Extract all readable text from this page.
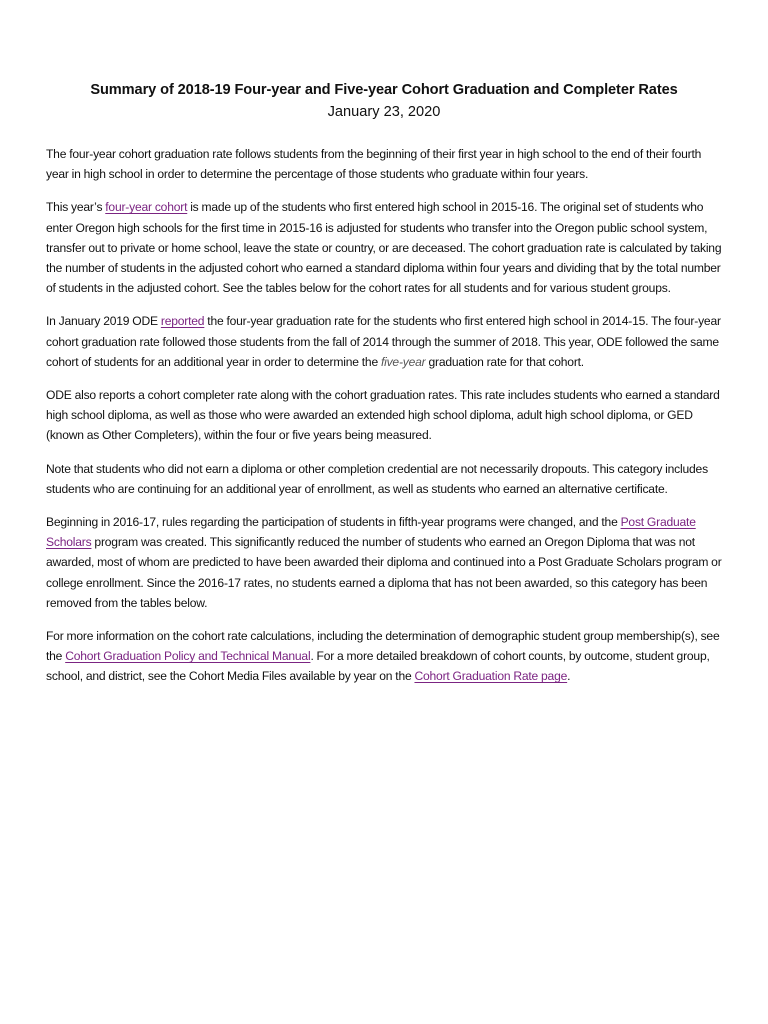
Summary of 2018-19 Four-year and Five-year Cohort Graduation and Completer Rates
January 23, 2020

The four-year cohort graduation rate follows students from the beginning of their first year in high school to the end of their fourth year in high school in order to determine the percentage of those students who graduate within four years.

This year’s four-year cohort is made up of the students who first entered high school in 2015-16. The original set of students who enter Oregon high schools for the first time in 2015-16 is adjusted for students who transfer into the Oregon public school system, transfer out to private or home school, leave the state or country, or are deceased. The cohort graduation rate is calculated by taking the number of students in the adjusted cohort who earned a standard diploma within four years and dividing that by the total number of students in the adjusted cohort. See the tables below for the cohort rates for all students and for various student groups.

In January 2019 ODE reported the four-year graduation rate for the students who first entered high school in 2014-15. The four-year cohort graduation rate followed those students from the fall of 2014 through the summer of 2018. This year, ODE followed the same cohort of students for an additional year in order to determine the five-year graduation rate for that cohort.

ODE also reports a cohort completer rate along with the cohort graduation rates. This rate includes students who earned a standard high school diploma, as well as those who were awarded an extended high school diploma, adult high school diploma, or GED (known as Other Completers), within the four or five years being measured.

Note that students who did not earn a diploma or other completion credential are not necessarily dropouts. This category includes students who are continuing for an additional year of enrollment, as well as students who earned an alternative certificate.

Beginning in 2016-17, rules regarding the participation of students in fifth-year programs were changed, and the Post Graduate Scholars program was created. This significantly reduced the number of students who earned an Oregon Diploma that was not awarded, most of whom are predicted to have been awarded their diploma and continued into a Post Graduate Scholars program or college enrollment. Since the 2016-17 rates, no students earned a diploma that has not been awarded, so this category has been removed from the tables below.

For more information on the cohort rate calculations, including the determination of demographic student group membership(s), see the Cohort Graduation Policy and Technical Manual. For a more detailed breakdown of cohort counts, by outcome, student group, school, and district, see the Cohort Media Files available by year on the Cohort Graduation Rate page.
